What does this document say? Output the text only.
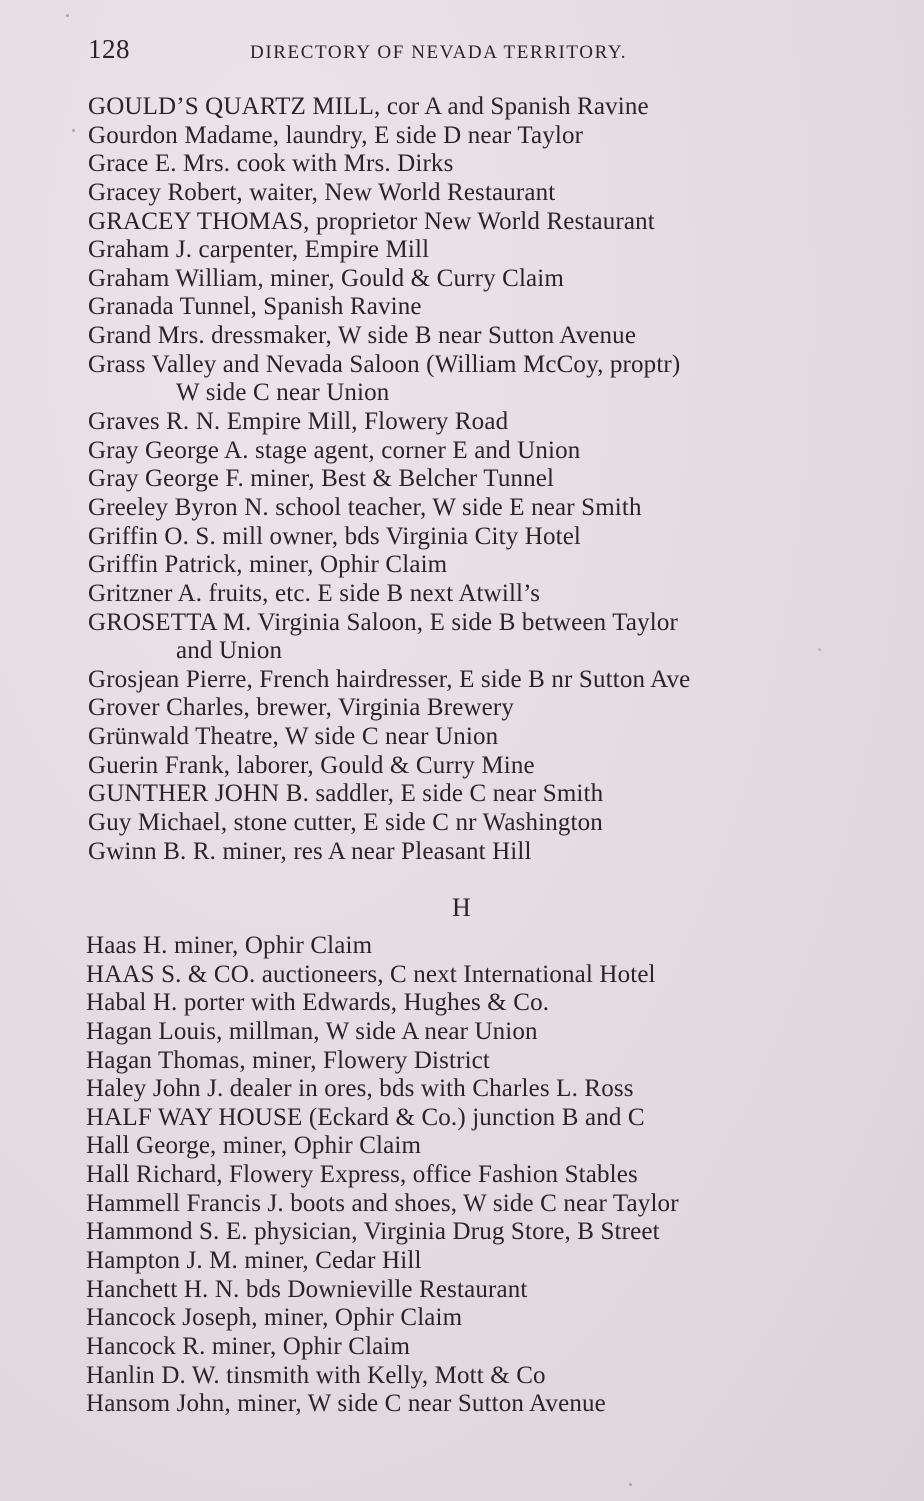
128	DIRECTORY OF NEVADA TERRITORY.
GOULD’S QUARTZ MILL, cor A and Spanish Ravine
Gourdon Madame, laundry, E side D near Taylor
Grace E. Mrs. cook with Mrs. Dirks
Gracey Robert, waiter, New World Restaurant
GRACEY THOMAS, proprietor New World Restaurant
Graham J. carpenter, Empire Mill
Graham William, miner, Gould & Curry Claim
Granada Tunnel, Spanish Ravine
Grand Mrs. dressmaker, W side B near Sutton Avenue
Grass Valley and Nevada Saloon (William McCoy, proptr)
W side C near Union
Graves R. N. Empire Mill, Flowery Road
Gray George A. stage agent, corner E and Union
Gray George F. miner, Best & Belcher Tunnel
Greeley Byron N. school teacher, W side E near Smith
Griffin O. S. mill owner, bds Virginia City Hotel
Griffin Patrick, miner, Ophir Claim
Gritzner A. fruits, etc. E side B next Atwill’s
GROSETTA M. Virginia Saloon, E side B between Taylor
and Union
Grosjean Pierre, French hairdresser, E side B nr Sutton Ave
Grover Charles, brewer, Virginia Brewery
Grünwald Theatre, W side C near Union
Guerin Frank, laborer, Gould & Curry Mine
GUNTHER JOHN B. saddler, E side C near Smith
Guy Michael, stone cutter, E side C nr Washington
Gwinn B. R. miner, res A near Pleasant Hill
H
Haas H. miner, Ophir Claim
HAAS S. & CO. auctioneers, C next International Hotel
Habal H. porter with Edwards, Hughes & Co.
Hagan Louis, millman, W side A near Union
Hagan Thomas, miner, Flowery District
Haley John J. dealer in ores, bds with Charles L. Ross
HALF WAY HOUSE (Eckard & Co.) junction B and C
Hall George, miner, Ophir Claim
Hall Richard, Flowery Express, office Fashion Stables
Hammell Francis J. boots and shoes, W side C near Taylor
Hammond S. E. physician, Virginia Drug Store, B Street
Hampton J. M. miner, Cedar Hill
Hanchett H. N. bds Downieville Restaurant
Hancock Joseph, miner, Ophir Claim
Hancock R. miner, Ophir Claim
Hanlin D. W. tinsmith with Kelly, Mott & Co
Hansom John, miner, W side C near Sutton Avenue
